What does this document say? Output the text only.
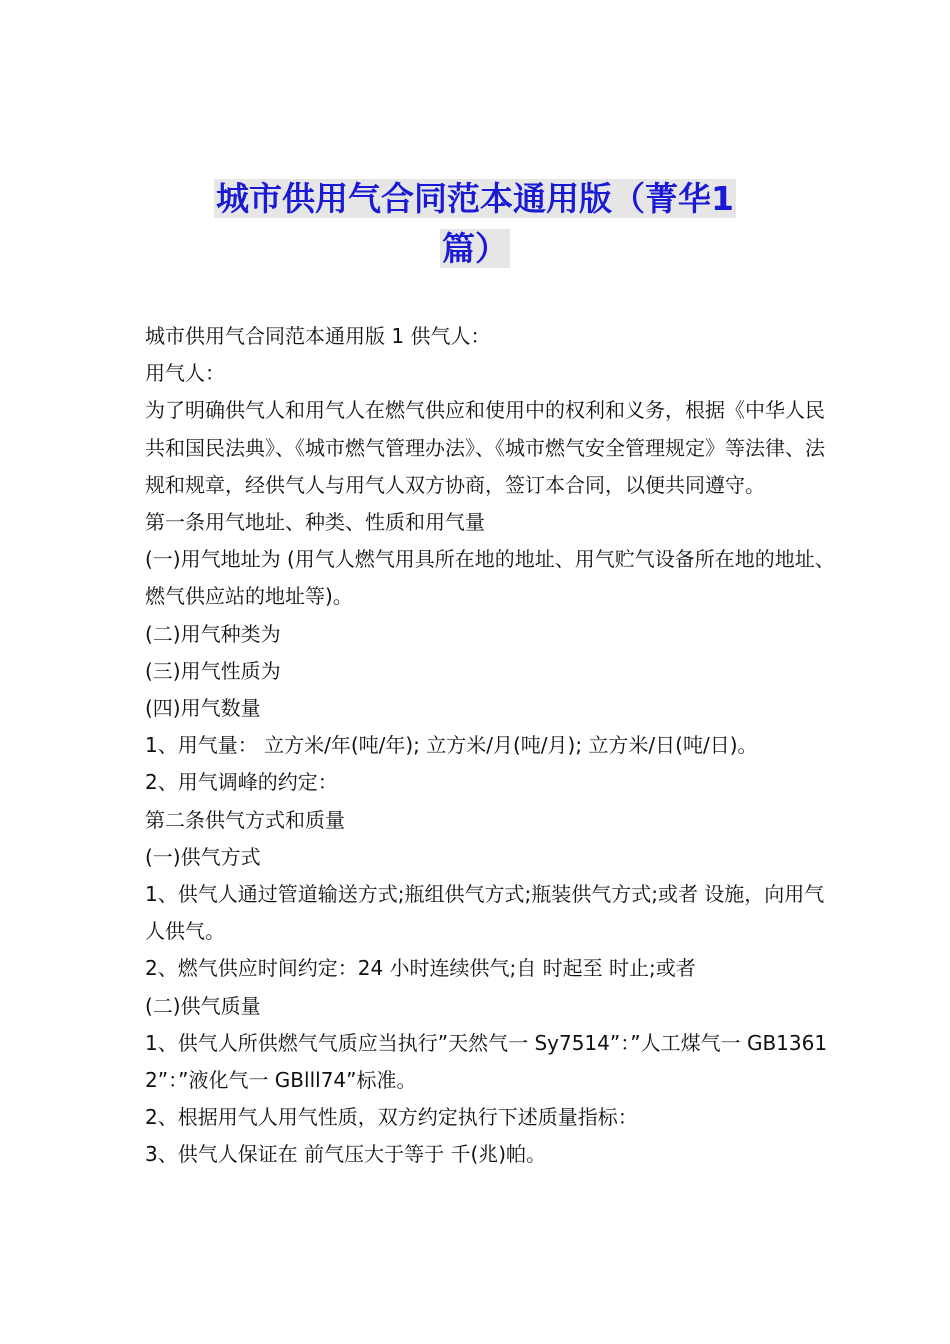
城市供用气合同范本通用版（菁华1
篇）

城市供用气合同范本通用版 1 供气人：

用气人：

为了明确供气人和用气人在燃气供应和使用中的权利和义务，根据《中华人民共和国民法典》、《城市燃气管理办法》、《城市燃气安全管理规定》等法律、法规和规章，经供气人与用气人双方协商，签订本合同，以便共同遵守。

第一条用气地址、种类、性质和用气量

(一)用气地址为 (用气人燃气用具所在地的地址、用气贮气设备所在地的地址、燃气供应站的地址等)。

(二)用气种类为

(三)用气性质为

(四)用气数量

1、用气量： 立方米/年(吨/年); 立方米/月(吨/月); 立方米/日(吨/日)。

2、用气调峰的约定：

第二条供气方式和质量

(一)供气方式

1、供气人通过管道输送方式;瓶组供气方式;瓶装供气方式;或者 设施，向用气人供气。

2、燃气供应时间约定：24 小时连续供气;自 时起至 时止;或者

(二)供气质量

1、供气人所供燃气气质应当执行”天然气一 Sy7514”：”人工煤气一 GB13612”：”液化气一 GBlll74”标准。

2、根据用气人用气性质，双方约定执行下述质量指标：

3、供气人保证在 前气压大于等于 千(兆)帕。
